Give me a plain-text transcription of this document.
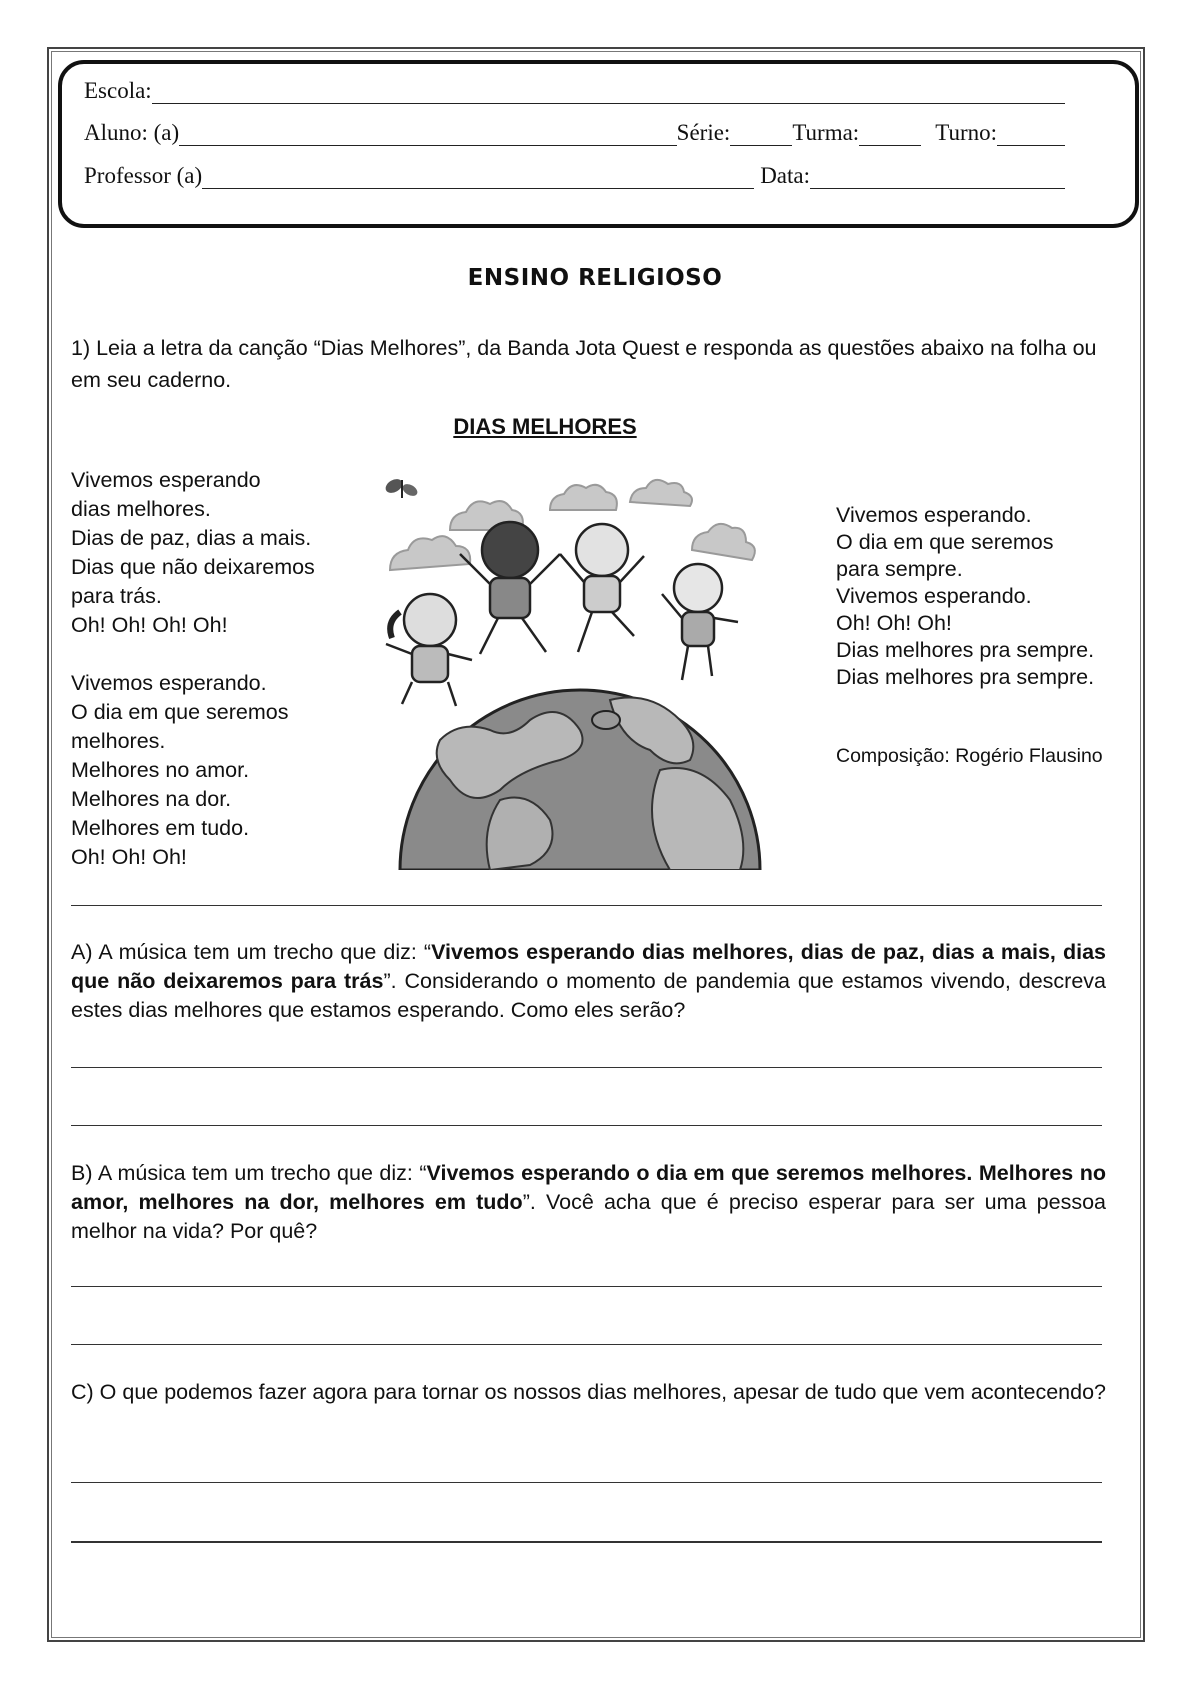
Escola:
Aluno: (a)	Série:	Turma:	Turno:
Professor (a)	Data:
ENSINO RELIGIOSO
1) Leia a letra da canção “Dias Melhores”, da Banda Jota Quest e responda as questões abaixo na folha ou em seu caderno.
DIAS MELHORES

Vivemos esperando

dias melhores.

Dias de paz, dias a mais.

Dias que não deixaremos

para trás.

Oh! Oh! Oh! Oh!

Vivemos esperando.

O dia em que seremos

melhores.

Melhores no amor.

Melhores na dor.

Melhores em tudo.

Oh! Oh! Oh!

Vivemos esperando.

O dia em que seremos

para sempre.

Vivemos esperando.

Oh! Oh! Oh!

Dias melhores pra sempre.

Dias melhores pra sempre.

Composição: Rogério Flausino
A) A música tem um trecho que diz: “Vivemos esperando dias melhores, dias de paz, dias a mais, dias que não deixaremos para trás”. Considerando o momento de pandemia que estamos vivendo, descreva estes dias melhores que estamos esperando. Como eles serão?
B) A música tem um trecho que diz: “Vivemos esperando o dia em que seremos melhores. Melhores no amor, melhores na dor, melhores em tudo”. Você acha que é preciso esperar para ser uma pessoa melhor na vida? Por quê?
C) O que podemos fazer agora para tornar os nossos dias melhores, apesar de tudo que vem acontecendo?
